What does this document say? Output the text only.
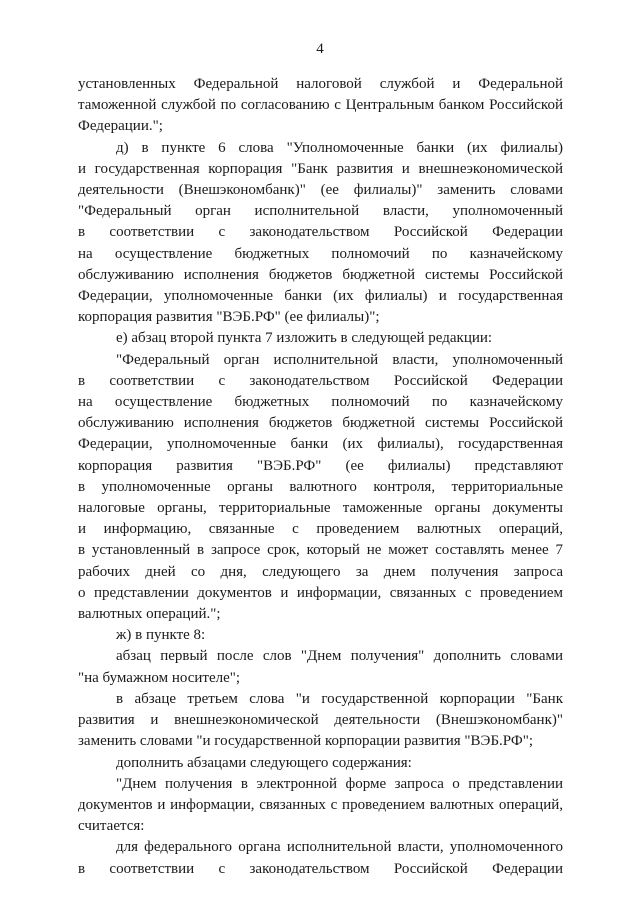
4

установленных Федеральной налоговой службой и Федеральной

таможенной службой по согласованию с Центральным банком Российской

Федерации.";

д) в пункте 6 слова "Уполномоченные банки (их филиалы)

и государственная корпорация "Банк развития и внешнеэкономической

деятельности (Внешэкономбанк)" (ее филиалы)" заменить словами

"Федеральный орган исполнительной власти, уполномоченный

в соответствии с законодательством Российской Федерации

на осуществление бюджетных полномочий по казначейскому

обслуживанию исполнения бюджетов бюджетной системы Российской

Федерации, уполномоченные банки (их филиалы) и государственная

корпорация развития "ВЭБ.РФ" (ее филиалы)";

е) абзац второй пункта 7 изложить в следующей редакции:

"Федеральный орган исполнительной власти, уполномоченный

в соответствии с законодательством Российской Федерации

на осуществление бюджетных полномочий по казначейскому

обслуживанию исполнения бюджетов бюджетной системы Российской

Федерации, уполномоченные банки (их филиалы), государственная

корпорация развития "ВЭБ.РФ" (ее филиалы) представляют

в уполномоченные органы валютного контроля, территориальные

налоговые органы, территориальные таможенные органы документы

и информацию, связанные с проведением валютных операций,

в установленный в запросе срок, который не может составлять менее 7

рабочих дней со дня, следующего за днем получения запроса

о представлении документов и информации, связанных с проведением

валютных операций.";

ж) в пункте 8:

абзац первый после слов "Днем получения" дополнить словами

"на бумажном носителе";

в абзаце третьем слова "и государственной корпорации "Банк

развития и внешнеэкономической деятельности (Внешэкономбанк)"

заменить словами "и государственной корпорации развития "ВЭБ.РФ";

дополнить абзацами следующего содержания:

"Днем получения в электронной форме запроса о представлении

документов и информации, связанных с проведением валютных операций,

считается:

для федерального органа исполнительной власти, уполномоченного

в соответствии с законодательством Российской Федерации
